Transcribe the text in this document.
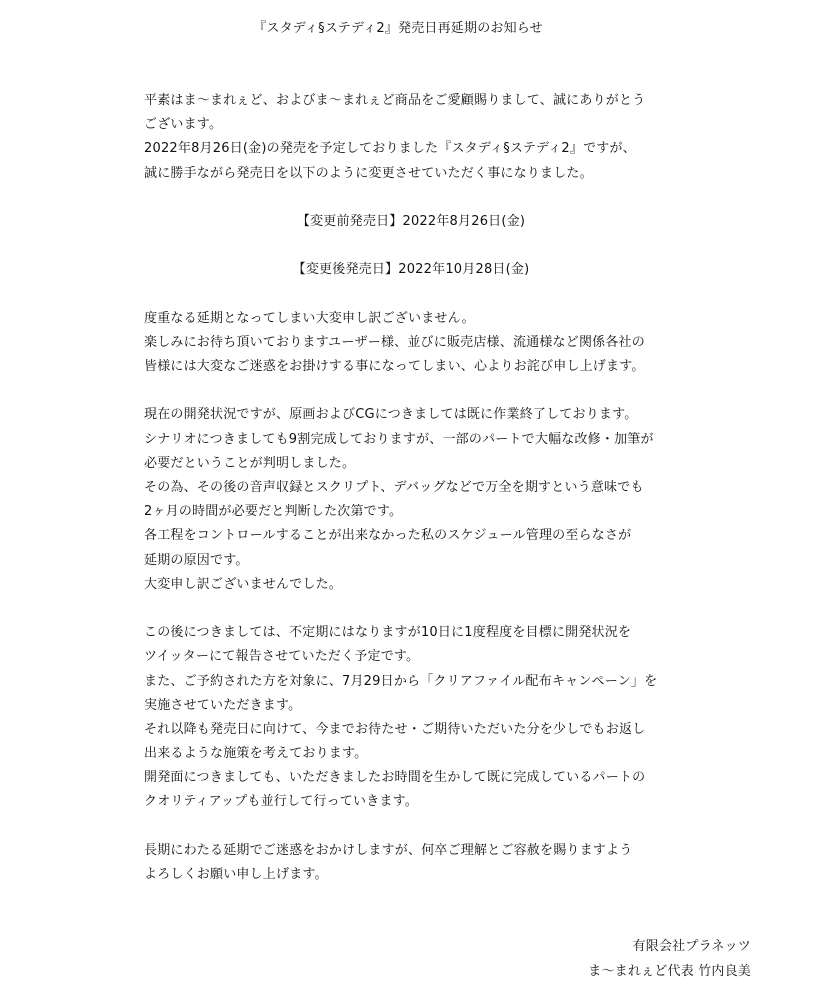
『スタディ§ステディ2』発売日再延期のお知らせ
平素はま～まれぇど、およびま～まれぇど商品をご愛顧賜りまして、誠にありがとう
ございます。
2022年8月26日(金)の発売を予定しておりました『スタディ§ステディ2』ですが、
誠に勝手ながら発売日を以下のように変更させていただく事になりました。
【変更前発売日】2022年8月26日(金)
【変更後発売日】2022年10月28日(金)
度重なる延期となってしまい大変申し訳ございません。
楽しみにお待ち頂いておりますユーザー様、並びに販売店様、流通様など関係各社の
皆様には大変なご迷惑をお掛けする事になってしまい、心よりお詫び申し上げます。
現在の開発状況ですが、原画およびCGにつきましては既に作業終了しております。
シナリオにつきましても9割完成しておりますが、一部のパートで大幅な改修・加筆が
必要だということが判明しました。
その為、その後の音声収録とスクリプト、デバッグなどで万全を期すという意味でも
2ヶ月の時間が必要だと判断した次第です。
各工程をコントロールすることが出来なかった私のスケジュール管理の至らなさが
延期の原因です。
大変申し訳ございませんでした。
この後につきましては、不定期にはなりますが10日に1度程度を目標に開発状況を
ツイッターにて報告させていただく予定です。
また、ご予約された方を対象に、7月29日から「クリアファイル配布キャンペーン」を
実施させていただきます。
それ以降も発売日に向けて、今までお待たせ・ご期待いただいた分を少しでもお返し
出来るような施策を考えております。
開発面につきましても、いただきましたお時間を生かして既に完成しているパートの
クオリティアップも並行して行っていきます。
長期にわたる延期でご迷惑をおかけしますが、何卒ご理解とご容赦を賜りますよう
よろしくお願い申し上げます。
有限会社プラネッツ
ま～まれぇど代表 竹内良美
